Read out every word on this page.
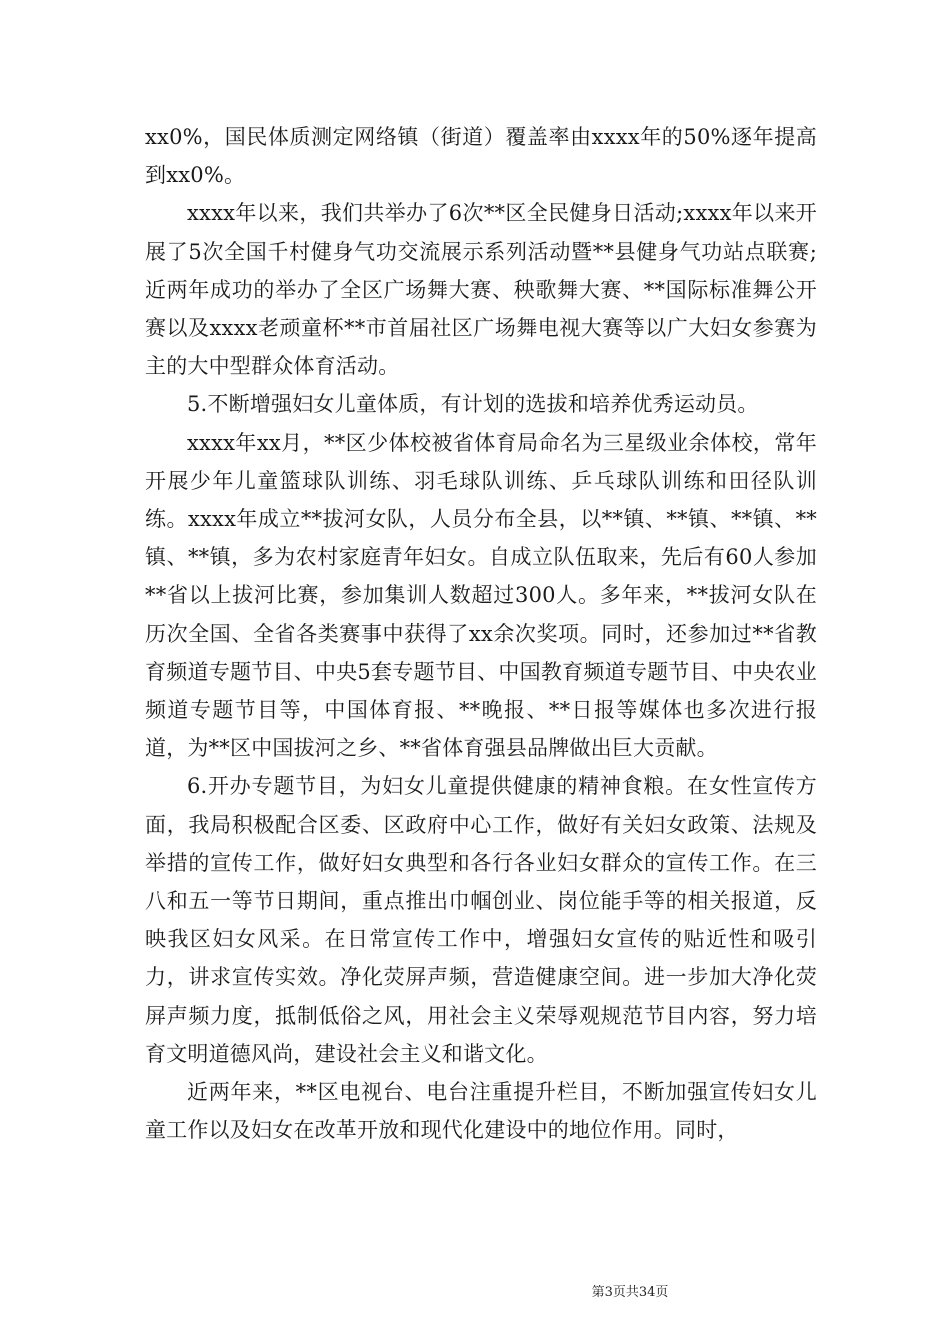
xx0%，国民体质测定网络镇（街道）覆盖率由xxxx年的50%逐年提高到xx0%。

xxxx年以来，我们共举办了6次**区全民健身日活动;xxxx年以来开展了5次全国千村健身气功交流展示系列活动暨**县健身气功站点联赛;近两年成功的举办了全区广场舞大赛、秧歌舞大赛、**国际标准舞公开赛以及xxxx老顽童杯**市首届社区广场舞电视大赛等以广大妇女参赛为主的大中型群众体育活动。

5.不断增强妇女儿童体质，有计划的选拔和培养优秀运动员。

xxxx年xx月，**区少体校被省体育局命名为三星级业余体校，常年开展少年儿童篮球队训练、羽毛球队训练、乒乓球队训练和田径队训练。xxxx年成立**拔河女队，人员分布全县，以**镇、**镇、**镇、**镇、**镇，多为农村家庭青年妇女。自成立队伍取来，先后有60人参加**省以上拔河比赛，参加集训人数超过300人。多年来，**拔河女队在历次全国、全省各类赛事中获得了xx余次奖项。同时，还参加过**省教育频道专题节目、中央5套专题节目、中国教育频道专题节目、中央农业频道专题节目等，中国体育报、**晚报、**日报等媒体也多次进行报道，为**区中国拔河之乡、**省体育强县品牌做出巨大贡献。

6.开办专题节目，为妇女儿童提供健康的精神食粮。在女性宣传方面，我局积极配合区委、区政府中心工作，做好有关妇女政策、法规及举措的宣传工作，做好妇女典型和各行各业妇女群众的宣传工作。在三八和五一等节日期间，重点推出巾帼创业、岗位能手等的相关报道，反映我区妇女风采。在日常宣传工作中，增强妇女宣传的贴近性和吸引力，讲求宣传实效。净化荧屏声频，营造健康空间。进一步加大净化荧屏声频力度，抵制低俗之风，用社会主义荣辱观规范节目内容，努力培育文明道德风尚，建设社会主义和谐文化。

近两年来，**区电视台、电台注重提升栏目，不断加强宣传妇女儿童工作以及妇女在改革开放和现代化建设中的地位作用。同时，

第3页共34页
